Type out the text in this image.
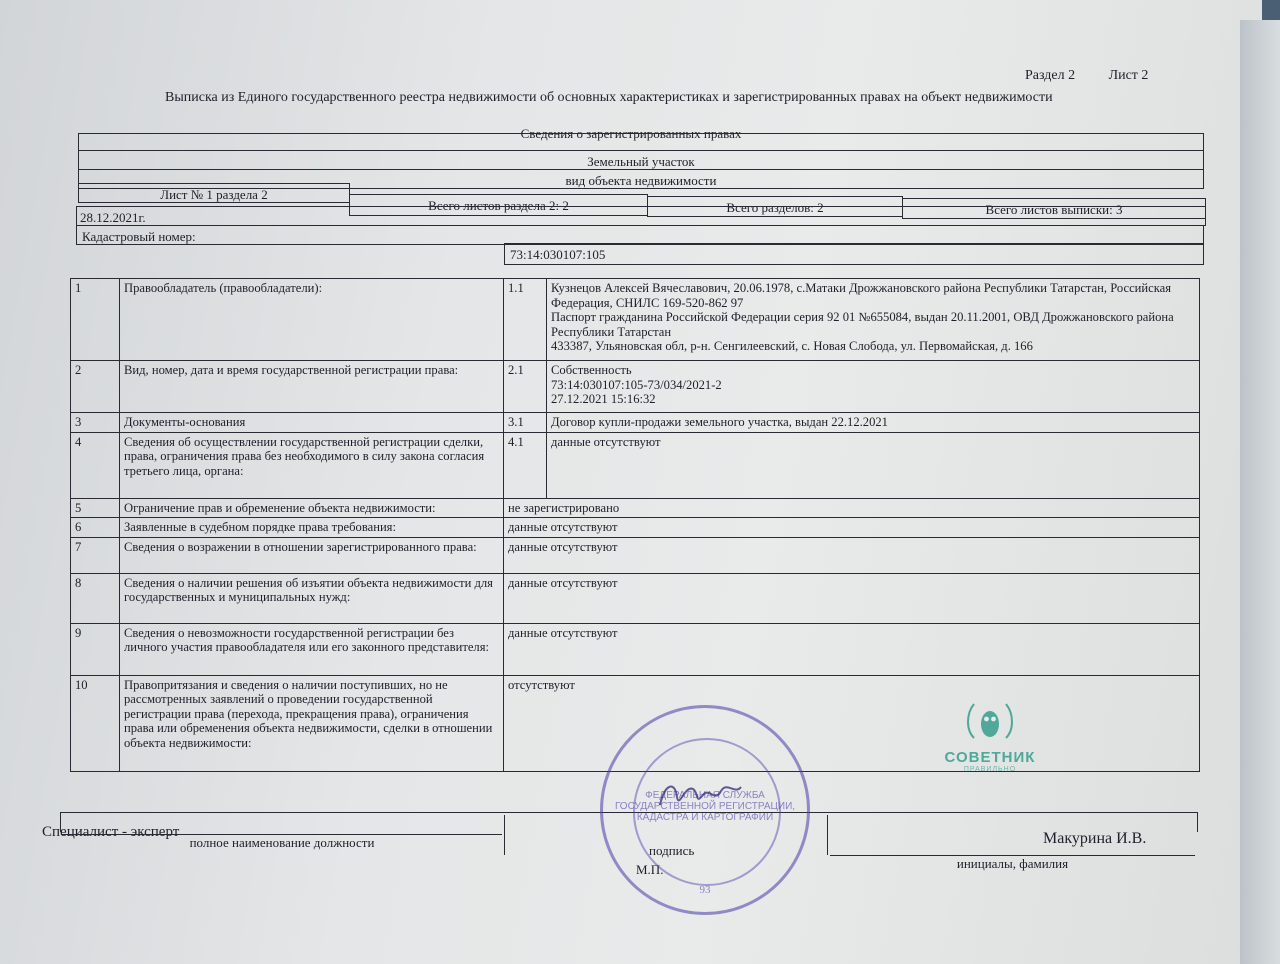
Раздел 2 Лист 2
Выписка из Единого государственного реестра недвижимости об основных характеристиках и зарегистрированных правах на объект недвижимости
Сведения о зарегистрированных правах
Земельный участок
вид объекта недвижимости
Лист № 1 раздела 2
Всего листов раздела 2: 2	Всего разделов: 2	Всего листов выписки: 3
28.12.2021г.
Кадастровый номер:
73:14:030107:105
1	Правообладатель (правообладатели):	1.1	Кузнецов Алексей Вячеславович, 20.06.1978, с.Матаки Дрожжановского района Республики Татарстан, Российская Федерация, СНИЛС 169-520-862 97
Паспорт гражданина Российской Федерации серия 92 01 №655084, выдан 20.11.2001, ОВД Дрожжановского района Республики Татарстан
433387, Ульяновская обл, р-н. Сенгилеевский, с. Новая Слобода, ул. Первомайская, д. 166

2	Вид, номер, дата и время государственной регистрации права:	2.1	Собственность
73:14:030107:105-73/034/2021-2
27.12.2021 15:16:32

3	Документы-основания	3.1	Договор купли-продажи земельного участка, выдан 22.12.2021

4	Сведения об осуществлении государственной регистрации сделки, права, ограничения права без необходимого в силу закона согласия третьего лица, органа:	4.1	данные отсутствуют

5	Ограничение прав и обременение объекта недвижимости:	не зарегистрировано	
6	Заявленные в судебном порядке права требования:	данные отсутствуют	
7	Сведения о возражении в отношении зарегистрированного права:	данные отсутствуют	
8	Сведения о наличии решения об изъятии объекта недвижимости для государственных и муниципальных нужд:	данные отсутствуют	
9	Сведения о невозможности государственной регистрации без личного участия правообладателя или его законного представителя:	данные отсутствуют	
10	Правопритязания и сведения о наличии поступивших, но не рассмотренных заявлений о проведении государственной регистрации права (перехода, прекращения права), ограничения права или обременения объекта недвижимости, сделки в отношении объекта недвижимости:	отсутствуют	
СОВЕТНИК
ПРАВИЛЬНО
Специалист - эксперт
полное наименование должности
подпись
М.П.
Макурина И.В.
инициалы, фамилия
ФЕДЕРАЛЬНАЯ СЛУЖБА ГОСУДАРСТВЕННОЙ РЕГИСТРАЦИИ, КАДАСТРА И КАРТОГРАФИИ
93
